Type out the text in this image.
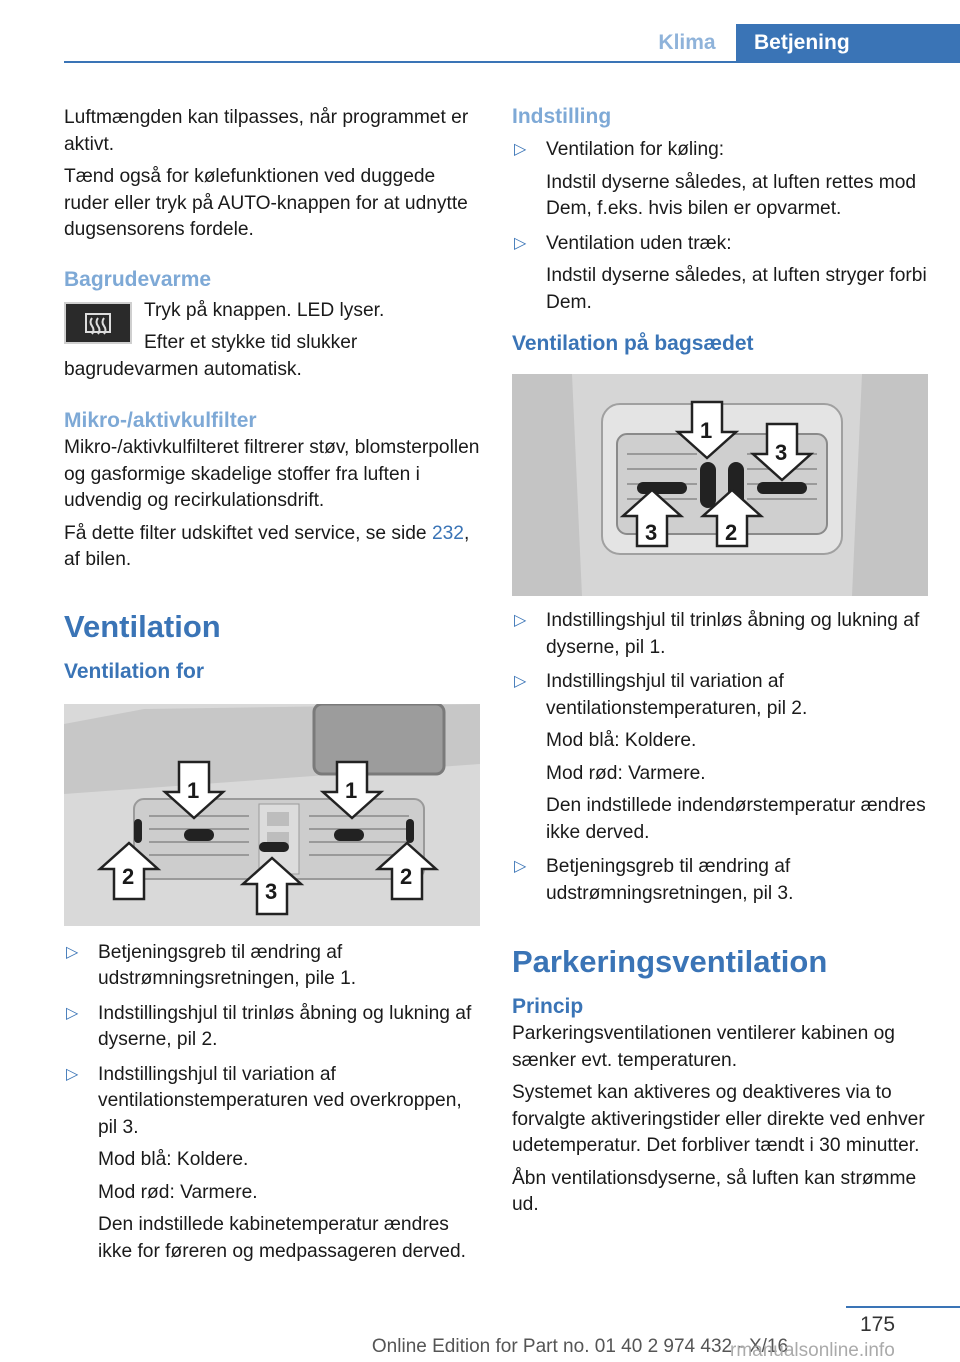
Klima	Betjening

Luftmængden kan tilpasses, når programmet er aktivt.

Tænd også for kølefunktionen ved duggede ruder eller tryk på AUTO-knappen for at udnytte dugsensorens fordele.

Bagrudevarme

Tryk på knappen. LED lyser.

Efter et stykke tid slukker bagrudevarmen automatisk.

Mikro-/aktivkulfilter

Mikro-/aktivkulfilteret filtrerer støv, blomsterpollen og gasformige skadelige stoffer fra luften i udvendig og recirkulationsdrift.

Få dette filter udskiftet ved service, se side 232, af bilen.

Ventilation
Ventilation for
1	1
2
3
2

▷ Betjeningsgreb til ændring af udstrømningsretningen, pile 1.

▷ Indstillingshjul til trinløs åbning og lukning af dyserne, pil 2.

▷ Indstillingshjul til variation af ventilationstemperaturen ved overkroppen, pil 3.

Mod blå: Koldere.

Mod rød: Varmere.

Den indstillede kabinetemperatur ændres ikke for føreren og medpassageren derved.

Indstilling

▷ Ventilation for køling:

Indstil dyserne således, at luften rettes mod Dem, f.eks. hvis bilen er opvarmet.

▷ Ventilation uden træk:

Indstil dyserne således, at luften stryger forbi Dem.

Ventilation på bagsædet
1
3
3	2

▷ Indstillingshjul til trinløs åbning og lukning af dyserne, pil 1.

▷ Indstillingshjul til variation af ventilationstemperaturen, pil 2.

Mod blå: Koldere.

Mod rød: Varmere.

Den indstillede indendørstemperatur ændres ikke derved.

▷ Betjeningsgreb til ændring af udstrømningsretningen, pil 3.

Parkeringsventilation
Princip

Parkeringsventilationen ventilerer kabinen og sænker evt. temperaturen.

Systemet kan aktiveres og deaktiveres via to forvalgte aktiveringstider eller direkte ved enhver udetemperatur. Det forbliver tændt i 30 minutter.

Åbn ventilationsdyserne, så luften kan strømme ud.

175
Online Edition for Part no. 01 40 2 974 432 - X/16
rmanualsonline.info
